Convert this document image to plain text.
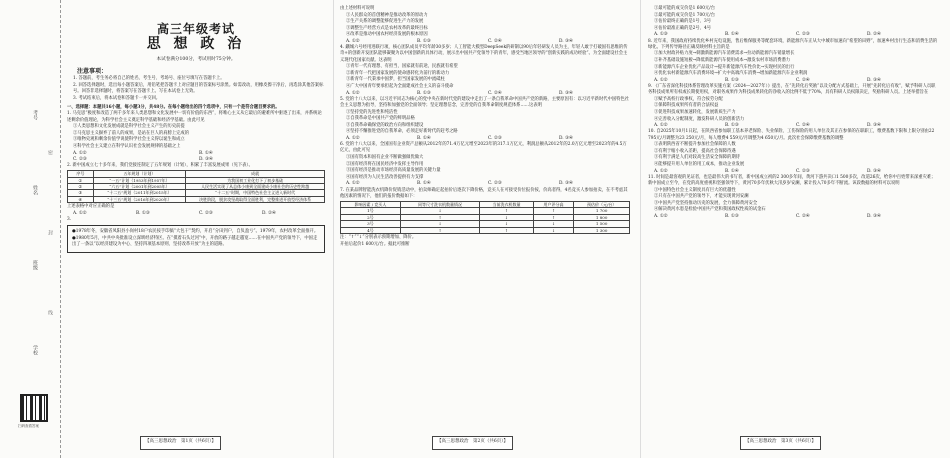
考号
姓名
班级
学校
密
封
线
扫码查看答案
高三年级考试
思 想 政 治
本试卷满分100分，考试用时75分钟。
注意事项：
1. 答题前，考生务必将自己的姓名、考生号、考场号、座位号填写在答题卡上。
2. 回答选择题时，选出每小题答案后，用铅笔把答题卡上对应题目的答案标号涂黑。如需改动，用橡皮擦干净后，再选涂其他答案标号。回答非选择题时，将答案写在答题卡上。写在本试卷上无效。
3. 考试结束后，将本试卷和答题卡一并交回。
一、选择题：本题共16小题，每小题3分，共48分。在每小题给出的四个选项中，只有一个是符合题目要求的。
1. 马克思“极度和改造了两千多年来人类思想和文化发展中一切有价值的东西”，将唯心主义从它最后的避难所中驱逐了出来，并系统论述剩余价值理论，为科学社会主义奠定科学基础和经济学基础。由此可见
①人类思想和文化发展成就是科学社会主义产生的历史前提
②马克思主义摒弃了前人的成果，是站在巨人的肩膀上完成的
③唯物史观和剩余价值学说使科学社会主义得以诞生和成立
④科学社会主义建立在科学认识社会发展规律的基础之上
A. ①②	B. ①④
C. ②③	D. ③④
2. 新中国成立七十多年来，我们党接连制定了五年规划（计划），积累了丰富发展成果（见下表）。
序号	五年规划（计划）	成就
①	“一五”计划（1953年到1957年）	为我国初工业化打下了初步基础
②	“六五”计划（2001年到2005年）	人民生活实现了从总体小康到全面建成小康社会的历史性跨越
③	“十二五”规划（2011年到2015年）	“十二五”时期，中国特色社会主义进入新时代
④	“十三五”规划（2016年到2020年）	决胜阶段，脱贫攻坚战取得全面胜利，完整推进开放型经济体系
上述表格中对应正确的是
A. ①②	B. ①③	C. ②③	D. ②④
3.
●1978年冬，安徽省凤阳县小岗村18户农民按手印搞“大包干”契约，开启“分田到户，自负盈亏”。1979年，农村改革全面推开。
●1980年5月，中共中央批准设立深圳经济特区。在“摸着石头过河”中，开放的路子越走越宽……在中国共产党的领导下，中国走出了一条以“以经济建设为中心、坚持四项基本原则、坚持改革开放”为主的道路。
由上述材料可说明
①人民群众的首创精神是推动改革的原动力
②生产关系的调整能够促进生产力的发展
③调整生产经营方式是农村改革的最终目标
④改革是推动中国农村经济发展的根本原因
A. ①②	B. ①③	C. ②④	D. ③④
4. 鐵城六号经用进联行项，核心团队成员平均年龄30多岁；人工智能大模型DeepSeek的研制以90后年轻研发人员为主，年轻人敢于打破固有思维的传奇+的创新开发团队能够凝聚为以中国创新的具体行动，展示出中国共产党领导下的青年，感受当地区领导的“创新实践的成功经验”。为全面建设社会主义现代化国家贡献。这表明
①青年一代有理想、有担当，国家就有前途，民族就有希望
②新青年一代把国家发展的使命感转化为前行的新动力
③新青年一代秉承中国梦，担当国家发展的中流砥柱
④广大中国青年要承担起为全面建成社会主义的奋斗使命
A. ①②	B. ①③	C. ②④	D. ③④
5. 党的十八大以来，以习近平同志为核心的党中央在新时代党的建设中走出了一条自我革命中国共产党的新路，主要原因有：以习近平新时代中国特色社会主义思想为指导，坚持和加强党的全面领导；坚定理想信念，完善党的自我革命制度规范体系……这表明
①坚持党的先进性和纯洁性
②自我革命是中国共产党的鲜明品格
③自我革命确保党的政治方向和组织建设
④坚持不懈推进党的自我革命，必须走好新时代的赶考之路
A. ①②	B. ①④	C. ②③	D. ③④
6. 党的十八大以来，全国国有企业资产总额从2012年的71.4万亿元增至2023年的317.1万亿元，利润总额从2012年的2.0万亿元增至2023年的4.5万亿元，由此可见
①国有资本和国有企业不断做强做优做大
②国有经济将在国民经济中发挥主导作用
③国有经济是推动市场经济高质量发展的关键力量
④国有经济为人民生活改善提供有力支撑
A. ①②	B. ①④	C. ②③	D. ③④
7. 在某品牌智能洗衣机降价促销活动中，拍卖师确定起拍价后逐次下降价格，竞买人在可接受价位报价按，价高者得，4名竞买人参加拍卖，在不考虑其他因素的情况下，他们的报价数据如下：
影响因素 / 竞买人	同等尺寸洗衣机数量情况	当前洗衣机数量	用户评分高	预估价（元/台）
1号	↓	↑	↑	1 700
2号	↑	↓	↑	1 800
3号	↓	↓	↓	1 500
4号	↑	↑	↓	1 300
注：“↑”“↓”分别表示预期增加、降价。
开拍后起价1 600元/台。据此可推断
①最可能的成交价是1 600元/台
②最可能的成交价是1 700元/台
③估价最终正确的是1号、3号
④估价最准正确的是2号、4号
A. ①③	B. ①④	C. ②③	D. ②④
8. 近年来，我国政府持续优化乡村充电设施，售后维保服务等配套环境，新能源汽车正从大中城市加速向“希望的田野”，加速乡村出行生态和消费生活的绿化。下列传导路径正确反映材料主旨的是
①加大财政补贴力度→刺激新能源汽车消费需求→拉动新能源汽车销量增长
②补齐基础设施短板→降低新能源汽车使用成本→激发农村市场消费潜力
③新能源汽车企业优化产品设计→提升新能源汽车性价比→实现村民的出行
④优化农村新能源汽车消费环境→扩大中高端汽车消费→增加新能源汽车企业利润
A. ①②	B. ①③	C. ②④	D. ③④
9. 《广东省深化科技体系管理改革实施方案（2024—2027年）》提出，在“先转化后奖励”以及分配方式基础上，开展“先转化后有收”，赋予科研人员职务科技成果所有权或长期使用权，对职务成果作为科技成果转化的净收入的比例不低于70%，具有科研人员权限决定，奖励科研人员。上述举措旨在
①赋予高校行政事权，符合按劳分配
②保障科技成果所有者的合法权益
③促进科技成果加速转化，发展新质生产力
④完善收入分配制度，激发科研人员的创新活力
A. ①②	B. ①③	C. ②④	D. ③④
10. 自2025年10月1日起，在陕西省参加职工基本养老保险、失业保险、工伤保险的用人单位及其正在参保的在职职工，缴费基数下限和上限分别由22 795元/月调整为23 250元/月，每人缴费4 559元/月调整为4 650元/月。此次社会保障缴费基数的调整
①表明陕西省不断提升参加社会保障的人数
②有利于缩小收入差距，提高社会保障待遇
③有利于满足人们对较高生活安全保障的期待
④能够提升用人单位的用工成本，推动企业发展
A. ①②	B. ①④	C. ②③	D. ③④
11. 时间是最客观的见证者，也是最伟大的书写者，新中国成立初的2 300多年间，黄河下游共决口1 500多次，改道26次，给你中百姓带来深重灾难；新中国成立至今，在党的高度重视和坚强领导下，黄河70多年伏秋大汛岁岁安澜，累计投入70多年不断流。该段数据的材料可以说明
①中国特色社会主义制度具有巨大的优越性
②只有在中国共产党的领导下，才能实现黄河安澜
③中国共产党坚持推动历史的发展，全力保障黄河安全
④解决黄河水患是检验中国共产党和我国政权性质的试金石
A. ①②	B. ①③	C. ②④	D. ③④
【高三思想政治　第1页（共6页）】	【高三思想政治　第2页（共6页）】	【高三思想政治　第3页（共6页）】
